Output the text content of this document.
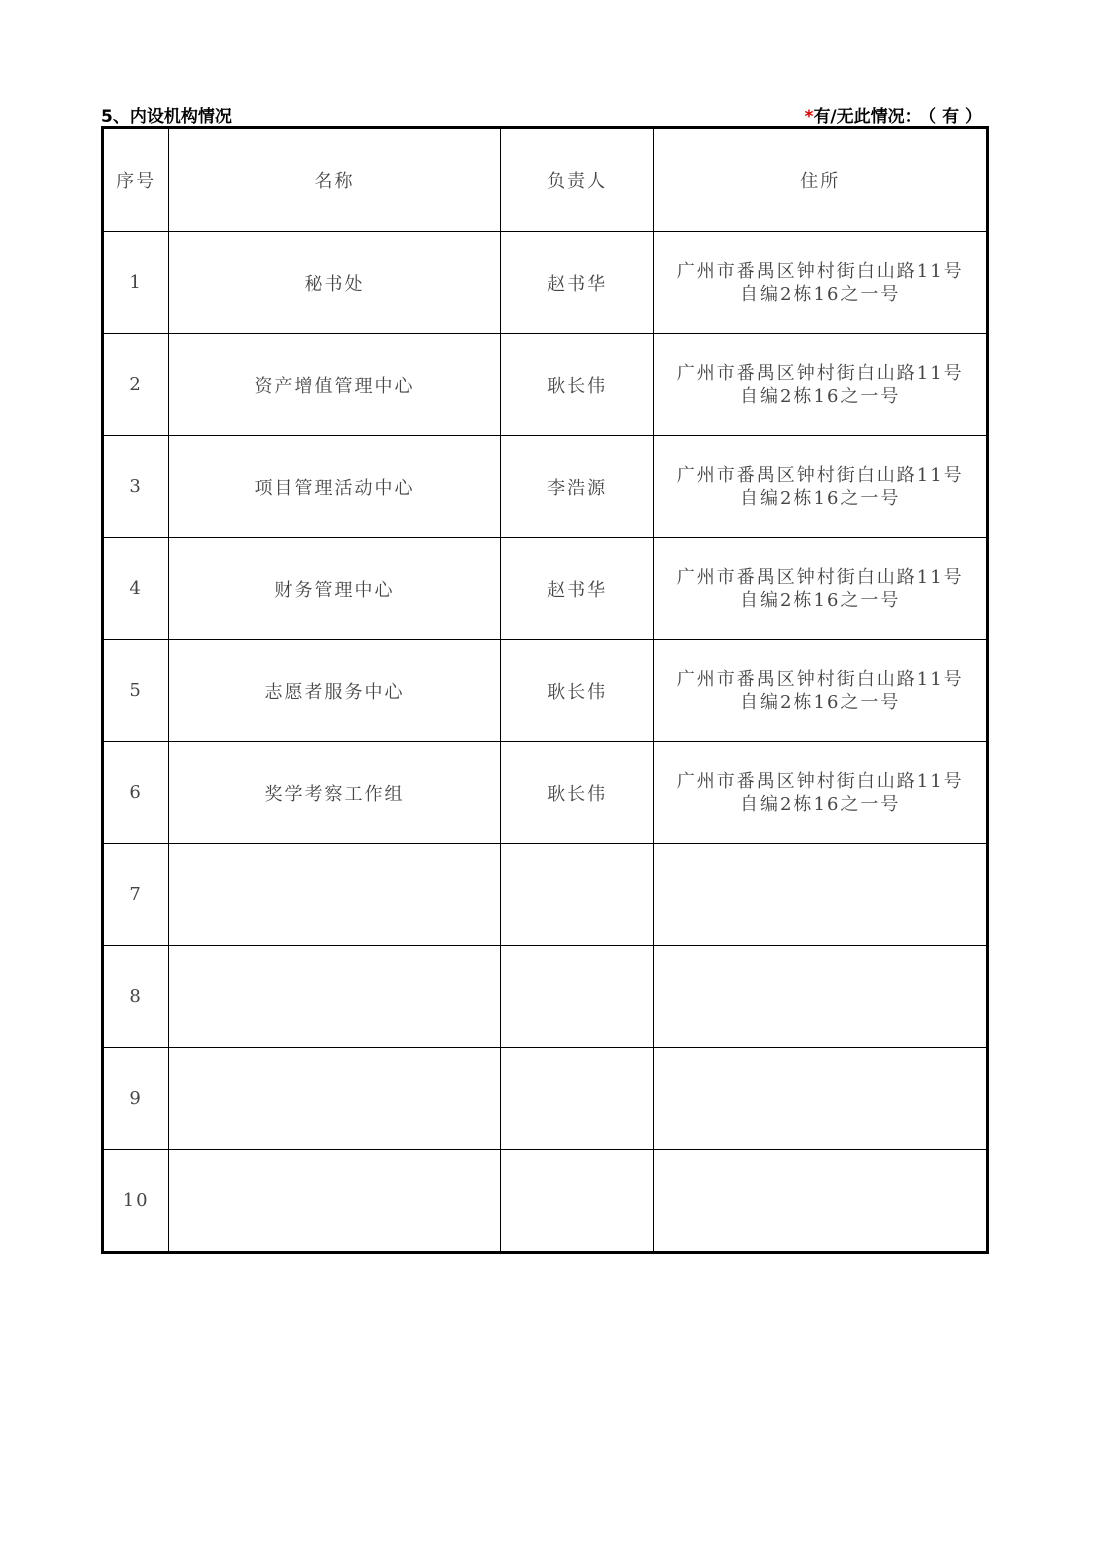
5、内设机构情况	*有/无此情况： （ 有 ）
序号	名称	负责人	住所
1	秘书处	赵书华	广州市番禺区钟村街白山路11号
自编2栋16之一号

2	资产增值管理中心	耿长伟	广州市番禺区钟村街白山路11号
自编2栋16之一号

3	项目管理活动中心	李浩源	广州市番禺区钟村街白山路11号
自编2栋16之一号

4	财务管理中心	赵书华	广州市番禺区钟村街白山路11号
自编2栋16之一号

5	志愿者服务中心	耿长伟	广州市番禺区钟村街白山路11号
自编2栋16之一号

6	奖学考察工作组	耿长伟	广州市番禺区钟村街白山路11号
自编2栋16之一号

7			

8			

9			

10			
